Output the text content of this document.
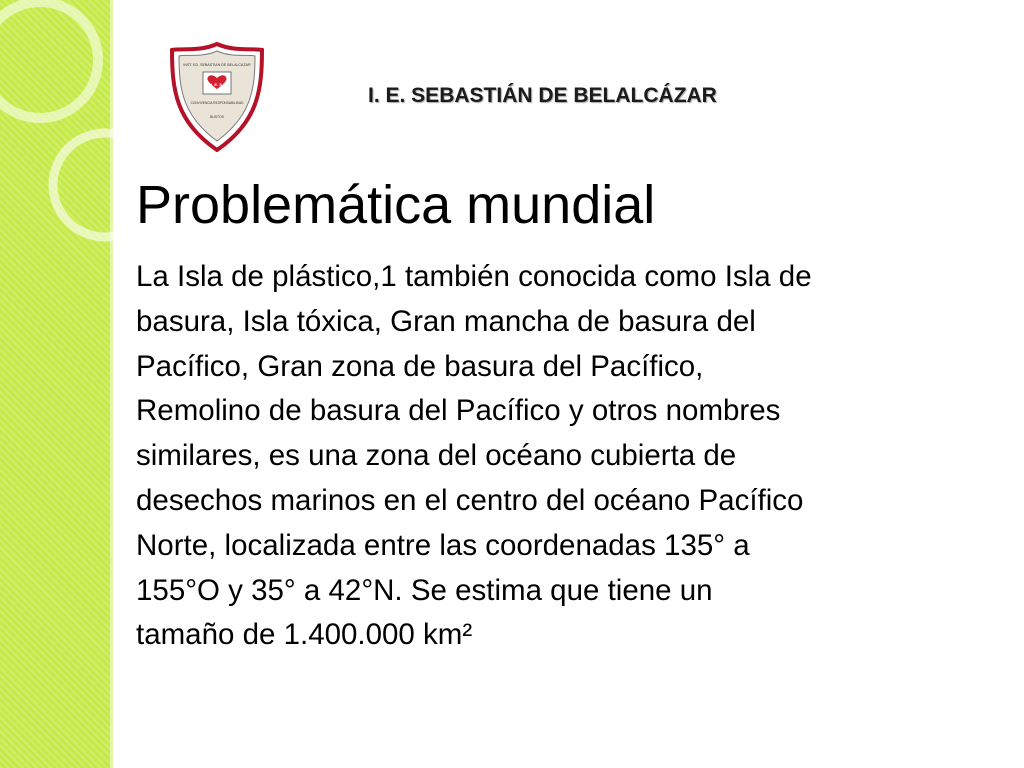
INST. ED. SEBASTIAN DE BELALCAZAR
I. E. S.
CONVIVENCIA RESPONSABILIDAD
BUSTOS
I. E. SEBASTIÁN DE BELALCÁZAR
Problemática mundial

La Isla de plástico,1 también conocida como Isla de
basura, Isla tóxica, Gran mancha de basura del
Pacífico, Gran zona de basura del Pacífico,
Remolino de basura del Pacífico y otros nombres
similares, es una zona del océano cubierta de
desechos marinos en el centro del océano Pacífico
Norte, localizada entre las coordenadas 135° a
155°O y 35° a 42°N. Se estima que tiene un
tamaño de 1.400.000 km²
